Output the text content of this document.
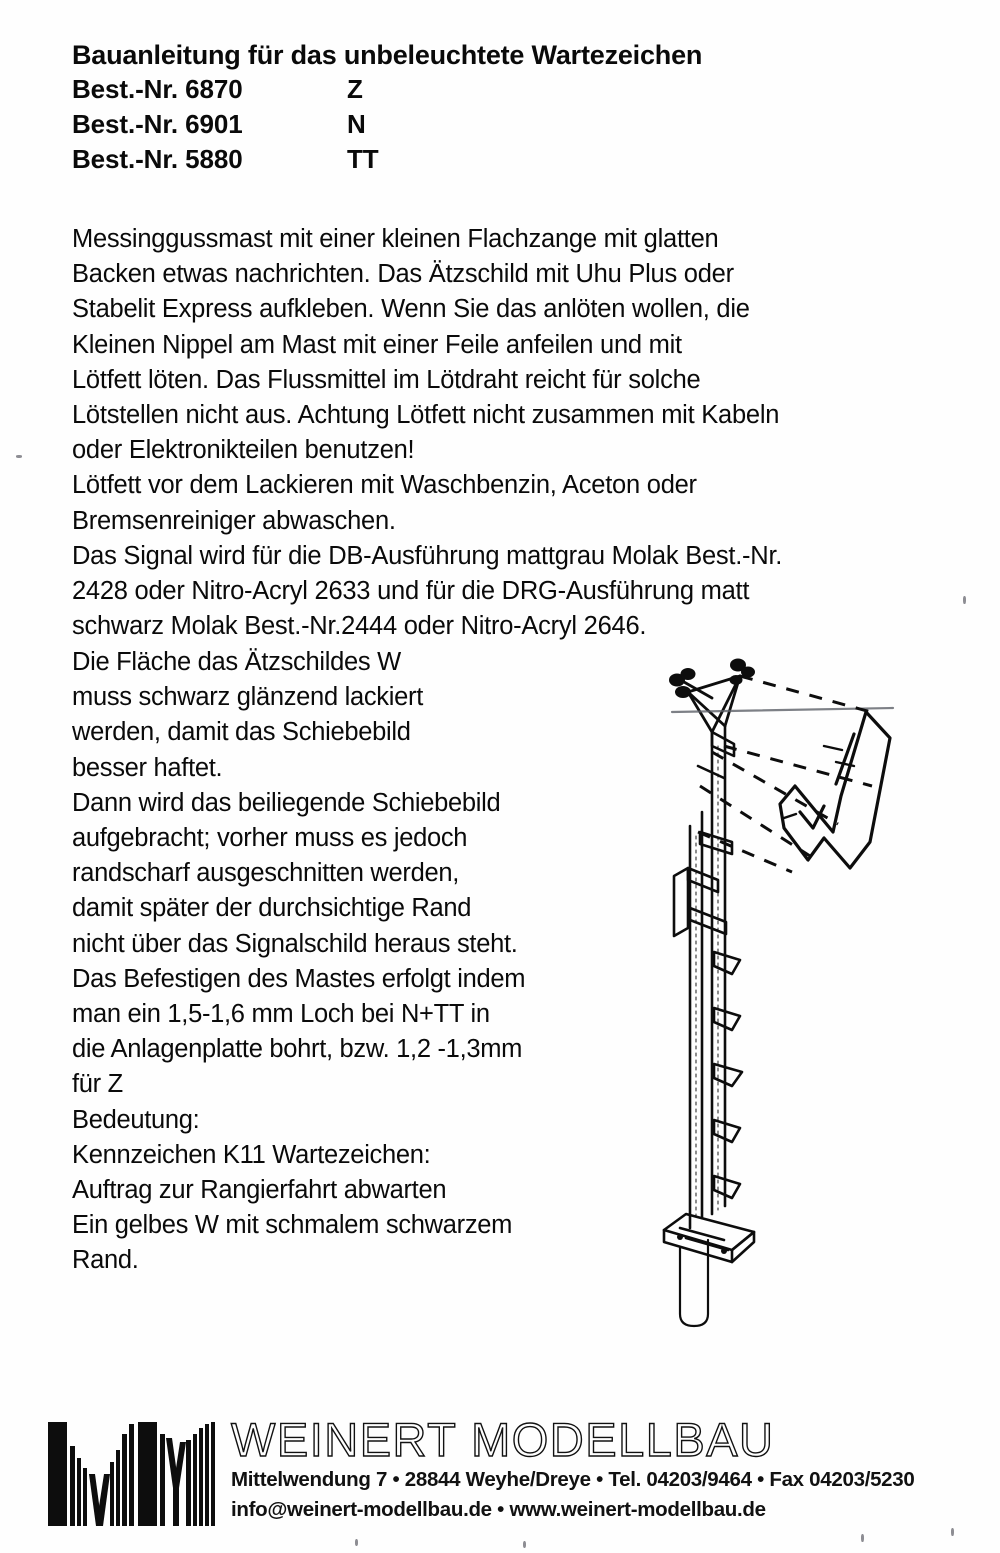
Bauanleitung für das unbeleuchtete Wartezeichen
Best.-Nr. 6870	Z
Best.-Nr. 6901	N
Best.-Nr. 5880	TT
Messinggussmast mit einer kleinen Flachzange mit glatten
Backen etwas nachrichten. Das Ätzschild mit Uhu Plus oder
Stabelit Express aufkleben. Wenn Sie das anlöten wollen, die
Kleinen Nippel am Mast mit einer Feile anfeilen und mit
Lötfett löten. Das Flussmittel im Lötdraht reicht für solche
Lötstellen nicht aus. Achtung Lötfett nicht zusammen mit Kabeln
oder Elektronikteilen benutzen!
Lötfett vor dem Lackieren mit Waschbenzin, Aceton oder
Bremsenreiniger abwaschen.
Das Signal wird für die DB-Ausführung mattgrau Molak Best.-Nr.
2428 oder Nitro-Acryl 2633 und für die DRG-Ausführung matt
schwarz Molak Best.-Nr.2444 oder Nitro-Acryl 2646.
Die Fläche das Ätzschildes W
muss schwarz glänzend lackiert
werden, damit das Schiebebild
besser haftet.
Dann wird das beiliegende Schiebebild
aufgebracht; vorher muss es jedoch
randscharf ausgeschnitten werden,
damit später der durchsichtige Rand
nicht über das Signalschild heraus steht.
Das Befestigen des Mastes erfolgt indem
man ein 1,5-1,6 mm Loch bei N+TT in
die Anlagenplatte bohrt, bzw. 1,2 -1,3mm
für Z
Bedeutung:
Kennzeichen K11 Wartezeichen:
Auftrag zur Rangierfahrt abwarten
Ein gelbes W mit schmalem schwarzem
Rand.
WEINERT MODELLBAU
Mittelwendung 7 • 28844 Weyhe/Dreye • Tel. 04203/9464 • Fax 04203/5230
info@weinert-modellbau.de • www.weinert-modellbau.de
